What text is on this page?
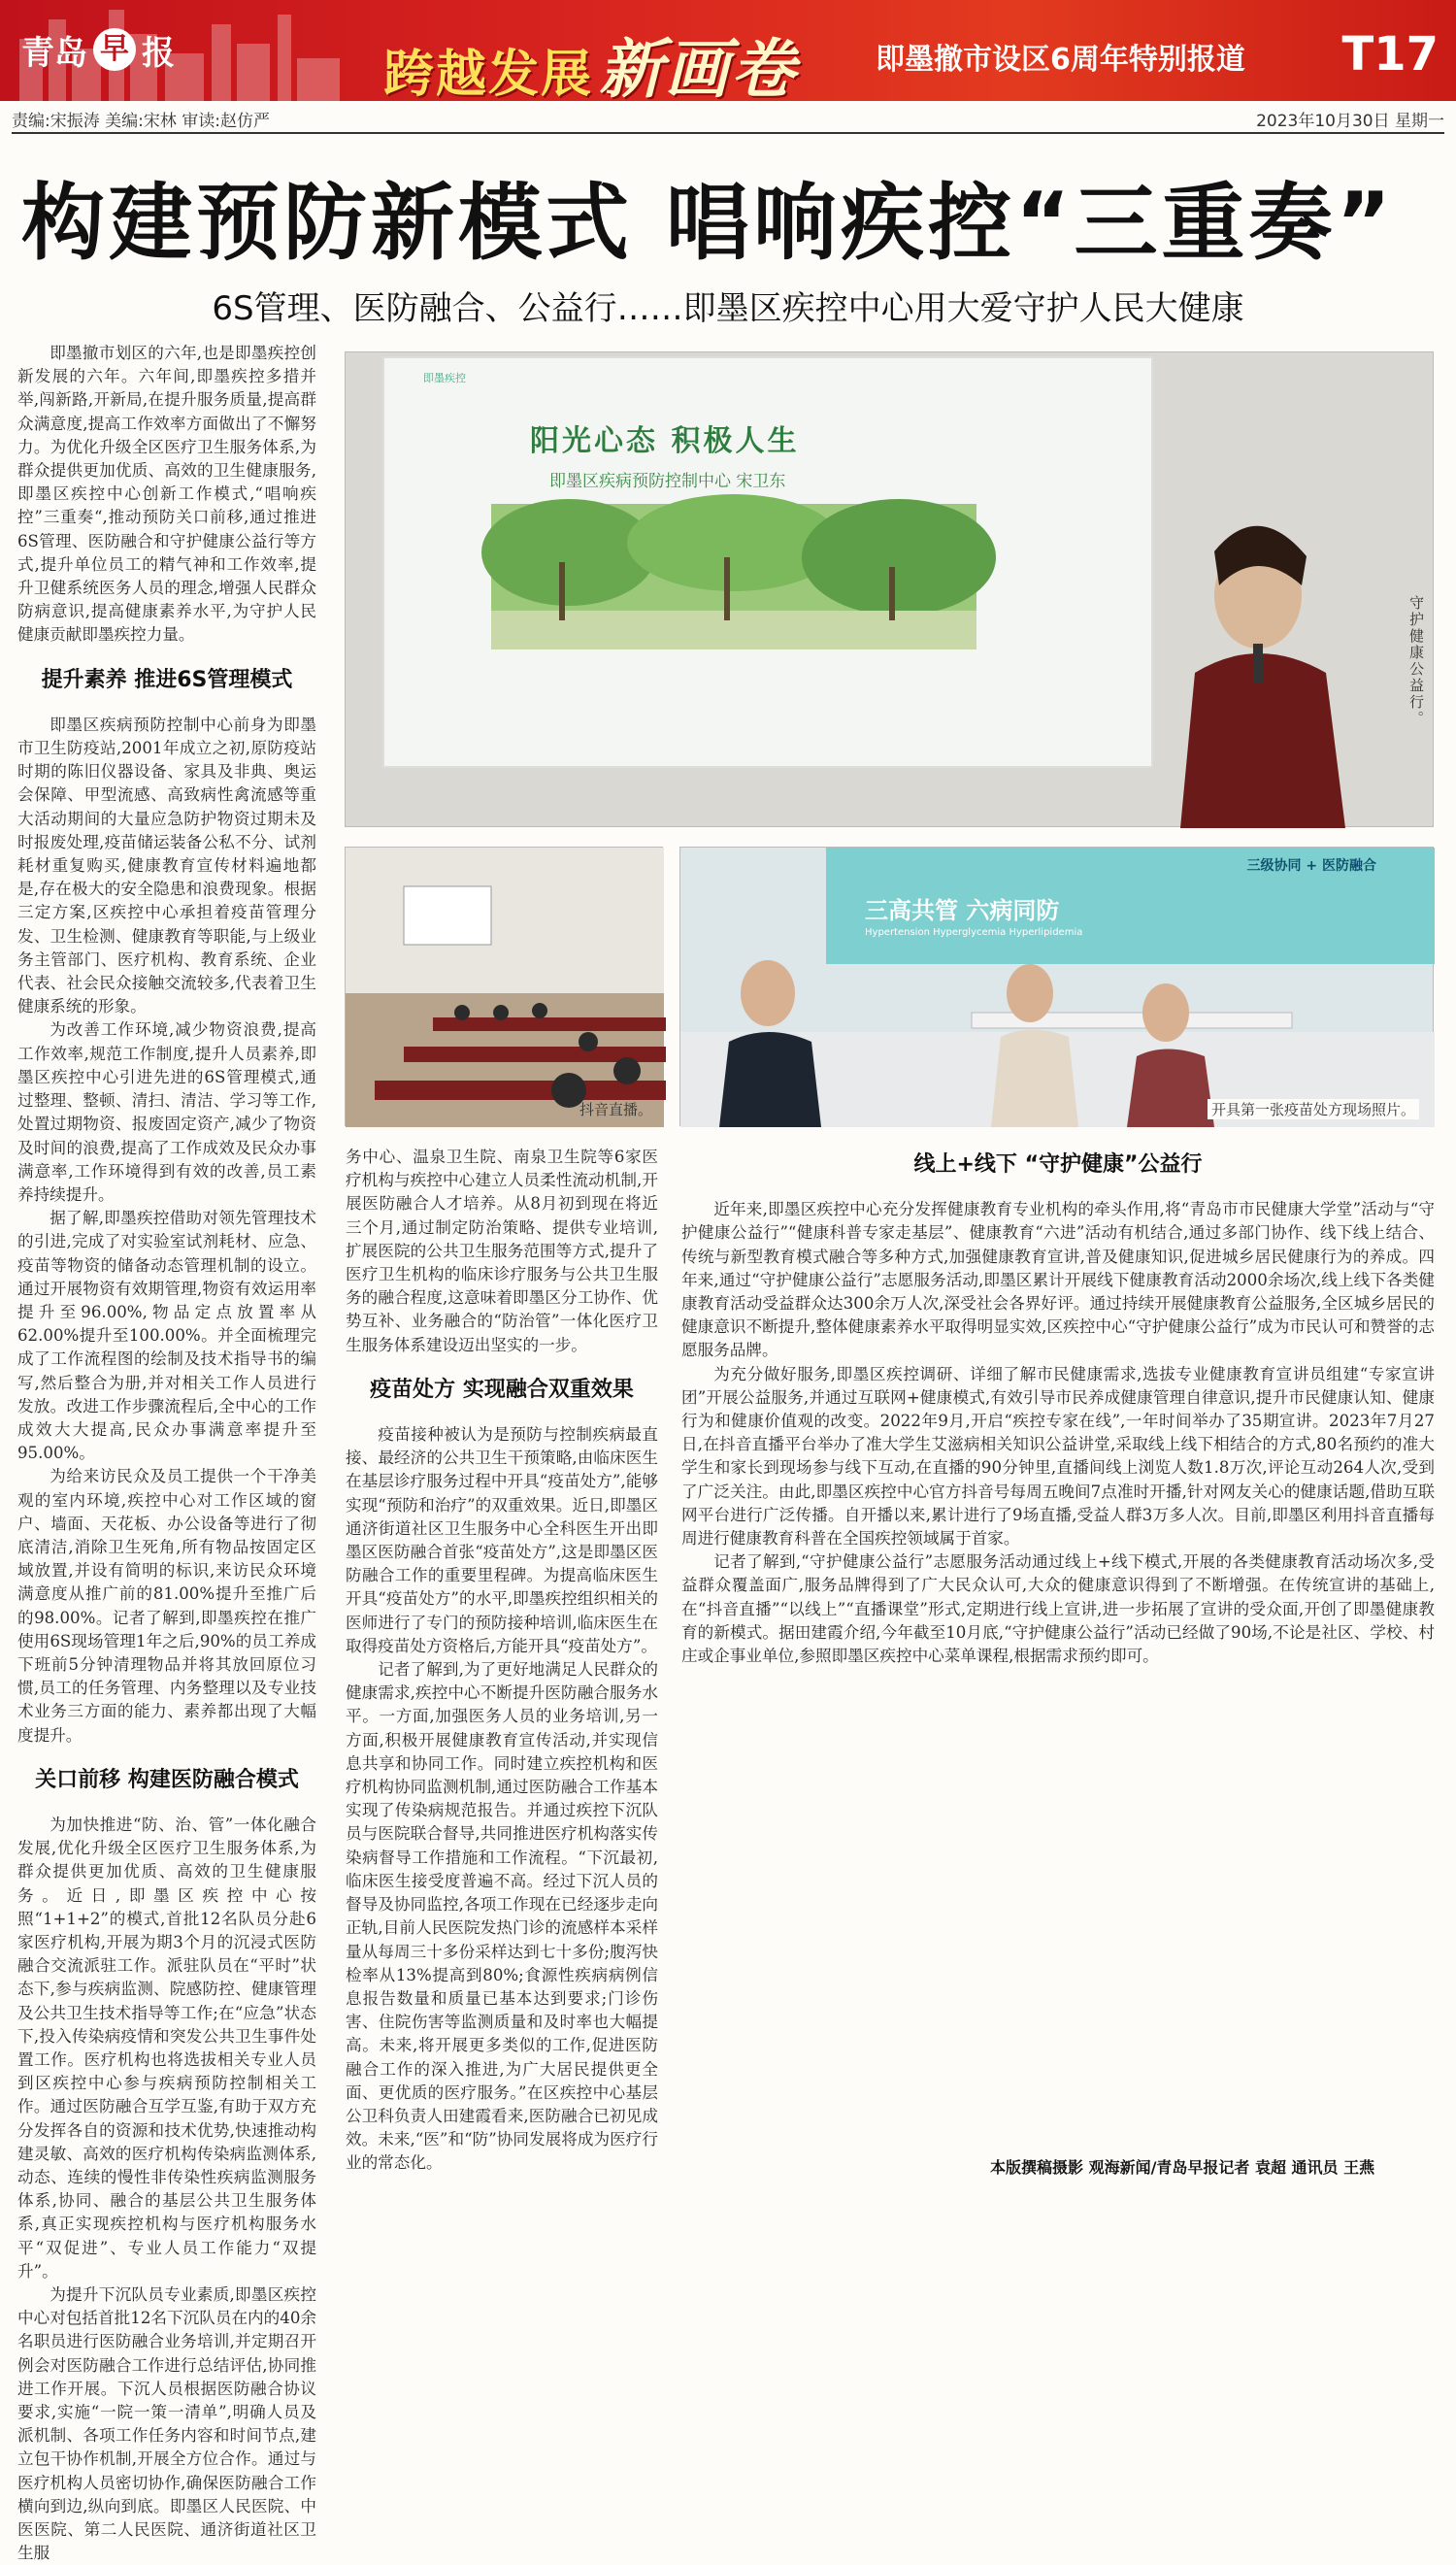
青岛 早 报	跨越发展新画卷	即墨撤市设区6周年特别报道 T17
责编:宋振涛 美编:宋林 审读:赵仿严	2023年10月30日 星期一
构建预防新模式 唱响疾控“三重奏”
6S管理、医防融合、公益行……即墨区疾控中心用大爱守护人民大健康

即墨撤市划区的六年,也是即墨疾控创新发展的六年。六年间,即墨疾控多措并举,闯新路,开新局,在提升服务质量,提高群众满意度,提高工作效率方面做出了不懈努力。为优化升级全区医疗卫生服务体系,为群众提供更加优质、高效的卫生健康服务,即墨区疾控中心创新工作模式,“唱响疾控”三重奏“,推动预防关口前移,通过推进6S管理、医防融合和守护健康公益行等方式,提升单位员工的精气神和工作效率,提升卫健系统医务人员的理念,增强人民群众防病意识,提高健康素养水平,为守护人民健康贡献即墨疾控力量。

提升素养 推进6S管理模式

即墨区疾病预防控制中心前身为即墨市卫生防疫站,2001年成立之初,原防疫站时期的陈旧仪器设备、家具及非典、奥运会保障、甲型流感、高致病性禽流感等重大活动期间的大量应急防护物资过期未及时报废处理,疫苗储运装备公私不分、试剂耗材重复购买,健康教育宣传材料遍地都是,存在极大的安全隐患和浪费现象。根据三定方案,区疾控中心承担着疫苗管理分发、卫生检测、健康教育等职能,与上级业务主管部门、医疗机构、教育系统、企业代表、社会民众接触交流较多,代表着卫生健康系统的形象。

为改善工作环境,减少物资浪费,提高工作效率,规范工作制度,提升人员素养,即墨区疾控中心引进先进的6S管理模式,通过整理、整顿、清扫、清洁、学习等工作,处置过期物资、报废固定资产,减少了物资及时间的浪费,提高了工作成效及民众办事满意率,工作环境得到有效的改善,员工素养持续提升。

据了解,即墨疾控借助对领先管理技术的引进,完成了对实验室试剂耗材、应急、疫苗等物资的储备动态管理机制的设立。通过开展物资有效期管理,物资有效运用率提升至96.00%,物品定点放置率从62.00%提升至100.00%。并全面梳理完成了工作流程图的绘制及技术指导书的编写,然后整合为册,并对相关工作人员进行发放。改进工作步骤流程后,全中心的工作成效大大提高,民众办事满意率提升至95.00%。

为给来访民众及员工提供一个干净美观的室内环境,疾控中心对工作区域的窗户、墙面、天花板、办公设备等进行了彻底清洁,消除卫生死角,所有物品按固定区域放置,并设有简明的标识,来访民众环境满意度从推广前的81.00%提升至推广后的98.00%。记者了解到,即墨疾控在推广使用6S现场管理1年之后,90%的员工养成下班前5分钟清理物品并将其放回原位习惯,员工的任务管理、内务整理以及专业技术业务三方面的能力、素养都出现了大幅度提升。

关口前移 构建医防融合模式

为加快推进“防、治、管”一体化融合发展,优化升级全区医疗卫生服务体系,为群众提供更加优质、高效的卫生健康服务。近日,即墨区疾控中心按照“1+1+2”的模式,首批12名队员分赴6家医疗机构,开展为期3个月的沉浸式医防融合交流派驻工作。派驻队员在“平时”状态下,参与疾病监测、院感防控、健康管理及公共卫生技术指导等工作;在“应急”状态下,投入传染病疫情和突发公共卫生事件处置工作。医疗机构也将选拔相关专业人员到区疾控中心参与疾病预防控制相关工作。通过医防融合互学互鉴,有助于双方充分发挥各自的资源和技术优势,快速推动构建灵敏、高效的医疗机构传染病监测体系,动态、连续的慢性非传染性疾病监测服务体系,协同、融合的基层公共卫生服务体系,真正实现疾控机构与医疗机构服务水平“双促进”、专业人员工作能力“双提升”。

为提升下沉队员专业素质,即墨区疾控中心对包括首批12名下沉队员在内的40余名职员进行医防融合业务培训,并定期召开例会对医防融合工作进行总结评估,协同推进工作开展。下沉人员根据医防融合协议要求,实施“一院一策一清单”,明确人员及派机制、各项工作任务内容和时间节点,建立包干协作机制,开展全方位合作。通过与医疗机构人员密切协作,确保医防融合工作横向到边,纵向到底。即墨区人民医院、中医医院、第二人民医院、通济街道社区卫生服

即墨疾控
阳光心态 积极人生
即墨区疾病预防控制中心 宋卫东
守护健康公益行。
抖音直播。
三级协同 + 医防融合
三高共管 六病同防
Hypertension Hyperglycemia Hyperlipidemia
开具第一张疫苗处方现场照片。

务中心、温泉卫生院、南泉卫生院等6家医疗机构与疾控中心建立人员柔性流动机制,开展医防融合人才培养。从8月初到现在将近三个月,通过制定防治策略、提供专业培训,扩展医院的公共卫生服务范围等方式,提升了医疗卫生机构的临床诊疗服务与公共卫生服务的融合程度,这意味着即墨区分工协作、优势互补、业务融合的“防治管”一体化医疗卫生服务体系建设迈出坚实的一步。

疫苗处方 实现融合双重效果

疫苗接种被认为是预防与控制疾病最直接、最经济的公共卫生干预策略,由临床医生在基层诊疗服务过程中开具“疫苗处方”,能够实现“预防和治疗”的双重效果。近日,即墨区通济街道社区卫生服务中心全科医生开出即墨区医防融合首张“疫苗处方”,这是即墨区医防融合工作的重要里程碑。为提高临床医生开具“疫苗处方”的水平,即墨疾控组织相关的医师进行了专门的预防接种培训,临床医生在取得疫苗处方资格后,方能开具“疫苗处方”。

记者了解到,为了更好地满足人民群众的健康需求,疾控中心不断提升医防融合服务水平。一方面,加强医务人员的业务培训,另一方面,积极开展健康教育宣传活动,并实现信息共享和协同工作。同时建立疾控机构和医疗机构协同监测机制,通过医防融合工作基本实现了传染病规范报告。并通过疾控下沉队员与医院联合督导,共同推进医疗机构落实传染病督导工作措施和工作流程。“下沉最初,临床医生接受度普遍不高。经过下沉人员的督导及协同监控,各项工作现在已经逐步走向正轨,目前人民医院发热门诊的流感样本采样量从每周三十多份采样达到七十多份;腹泻快检率从13%提高到80%;食源性疾病病例信息报告数量和质量已基本达到要求;门诊伤害、住院伤害等监测质量和及时率也大幅提高。未来,将开展更多类似的工作,促进医防融合工作的深入推进,为广大居民提供更全面、更优质的医疗服务。”在区疾控中心基层公卫科负责人田建霞看来,医防融合已初见成效。未来,“医”和“防”协同发展将成为医疗行业的常态化。

线上+线下 “守护健康”公益行

近年来,即墨区疾控中心充分发挥健康教育专业机构的牵头作用,将“青岛市市民健康大学堂”活动与“守护健康公益行”“健康科普专家走基层”、健康教育“六进”活动有机结合,通过多部门协作、线下线上结合、传统与新型教育模式融合等多种方式,加强健康教育宣讲,普及健康知识,促进城乡居民健康行为的养成。四年来,通过“守护健康公益行”志愿服务活动,即墨区累计开展线下健康教育活动2000余场次,线上线下各类健康教育活动受益群众达300余万人次,深受社会各界好评。通过持续开展健康教育公益服务,全区城乡居民的健康意识不断提升,整体健康素养水平取得明显实效,区疾控中心“守护健康公益行”成为市民认可和赞誉的志愿服务品牌。

为充分做好服务,即墨区疾控调研、详细了解市民健康需求,选拔专业健康教育宣讲员组建“专家宣讲团”开展公益服务,并通过互联网+健康模式,有效引导市民养成健康管理自律意识,提升市民健康认知、健康行为和健康价值观的改变。2022年9月,开启“疾控专家在线”,一年时间举办了35期宣讲。2023年7月27日,在抖音直播平台举办了准大学生艾滋病相关知识公益讲堂,采取线上线下相结合的方式,80名预约的准大学生和家长到现场参与线下互动,在直播的90分钟里,直播间线上浏览人数1.8万次,评论互动264人次,受到了广泛关注。由此,即墨区疾控中心官方抖音号每周五晚间7点准时开播,针对网友关心的健康话题,借助互联网平台进行广泛传播。自开播以来,累计进行了9场直播,受益人群3万多人次。目前,即墨区利用抖音直播每周进行健康教育科普在全国疾控领域属于首家。

记者了解到,“守护健康公益行”志愿服务活动通过线上+线下模式,开展的各类健康教育活动场次多,受益群众覆盖面广,服务品牌得到了广大民众认可,大众的健康意识得到了不断增强。在传统宣讲的基础上,在“抖音直播”“以线上”“直播课堂”形式,定期进行线上宣讲,进一步拓展了宣讲的受众面,开创了即墨健康教育的新模式。据田建霞介绍,今年截至10月底,“守护健康公益行”活动已经做了90场,不论是社区、学校、村庄或企事业单位,参照即墨区疾控中心菜单课程,根据需求预约即可。

本版撰稿摄影 观海新闻/青岛早报记者 袁超 通讯员 王燕
